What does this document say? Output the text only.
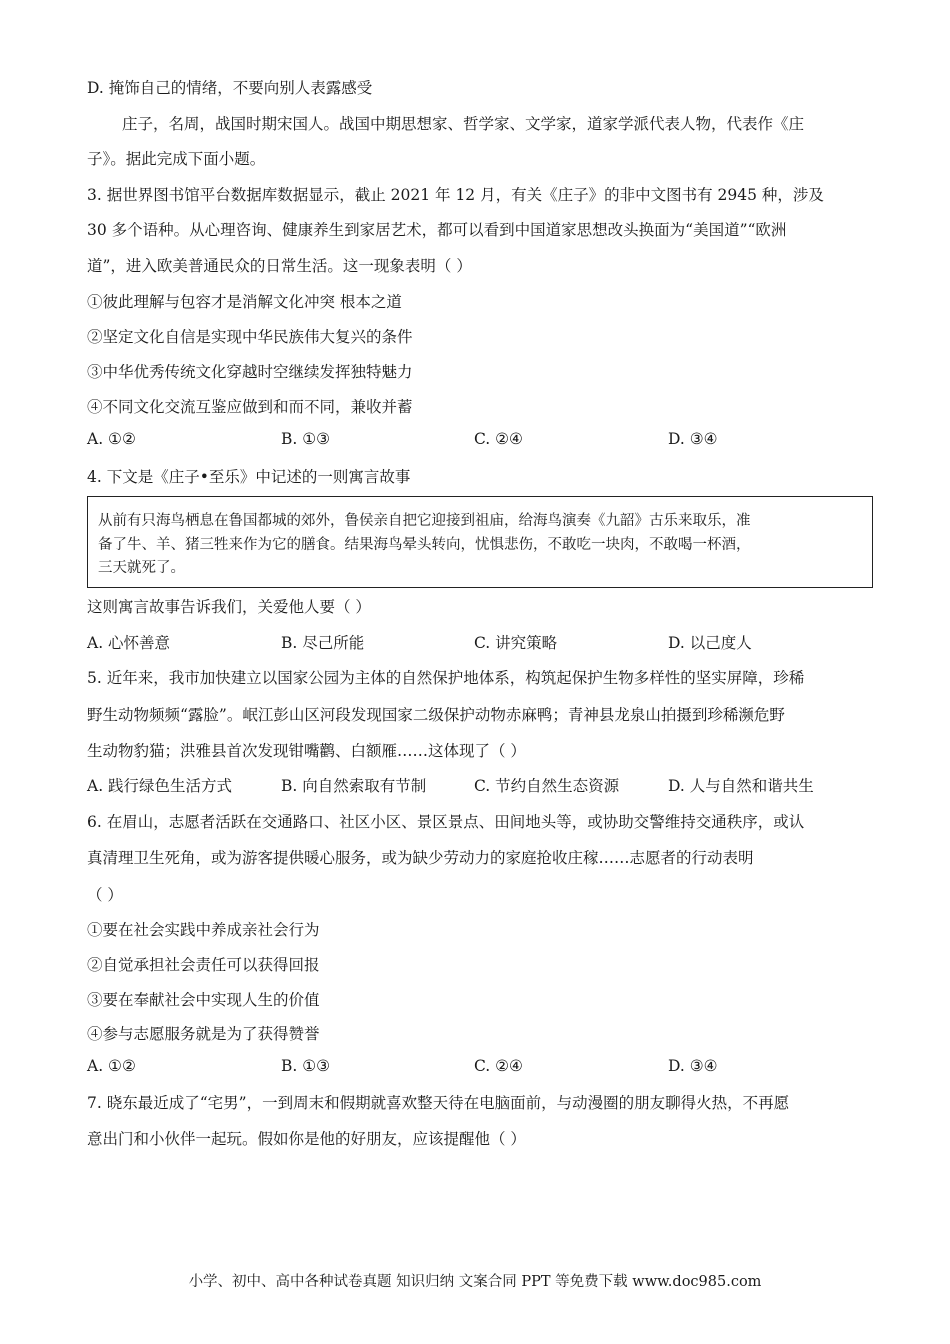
D. 掩饰自己的情绪，不要向别人表露感受
庄子，名周，战国时期宋国人。战国中期思想家、哲学家、文学家，道家学派代表人物，代表作《庄
子》。据此完成下面小题。
3. 据世界图书馆平台数据库数据显示，截止 2021 年 12 月，有关《庄子》的非中文图书有 2945 种，涉及
30 多个语种。从心理咨询、健康养生到家居艺术，都可以看到中国道家思想改头换面为“美国道”“欧洲
道”，进入欧美普通民众的日常生活。这一现象表明（ ）
①彼此理解与包容才是消解文化冲突 根本之道
②坚定文化自信是实现中华民族伟大复兴的条件
③中华优秀传统文化穿越时空继续发挥独特魅力
④不同文化交流互鉴应做到和而不同，兼收并蓄
A. ①②	B. ①③	C. ②④	D. ③④
4. 下文是《庄子•至乐》中记述的一则寓言故事
从前有只海鸟栖息在鲁国都城的郊外，鲁侯亲自把它迎接到祖庙，给海鸟演奏《九韶》古乐来取乐，准
备了牛、羊、猪三牲来作为它的膳食。结果海鸟晕头转向，忧惧悲伤，不敢吃一块肉，不敢喝一杯酒，
三天就死了。
这则寓言故事告诉我们，关爱他人要（ ）
A. 心怀善意	B. 尽己所能	C. 讲究策略	D. 以己度人
5. 近年来，我市加快建立以国家公园为主体的自然保护地体系，构筑起保护生物多样性的坚实屏障，珍稀
野生动物频频“露脸”。岷江彭山区河段发现国家二级保护动物赤麻鸭；青神县龙泉山拍摄到珍稀濒危野
生动物豹猫；洪雅县首次发现钳嘴鹳、白额雁……这体现了（ ）
A. 践行绿色生活方式	B. 向自然索取有节制	C. 节约自然生态资源	D. 人与自然和谐共生
6. 在眉山，志愿者活跃在交通路口、社区小区、景区景点、田间地头等，或协助交警维持交通秩序，或认
真清理卫生死角，或为游客提供暖心服务，或为缺少劳动力的家庭抢收庄稼……志愿者的行动表明
（ ）
①要在社会实践中养成亲社会行为
②自觉承担社会责任可以获得回报
③要在奉献社会中实现人生的价值
④参与志愿服务就是为了获得赞誉
A. ①②	B. ①③	C. ②④	D. ③④
7. 晓东最近成了“宅男”，一到周末和假期就喜欢整天待在电脑面前，与动漫圈的朋友聊得火热，不再愿
意出门和小伙伴一起玩。假如你是他的好朋友，应该提醒他（ ）
小学、初中、高中各种试卷真题 知识归纳 文案合同 PPT 等免费下载 www.doc985.com
